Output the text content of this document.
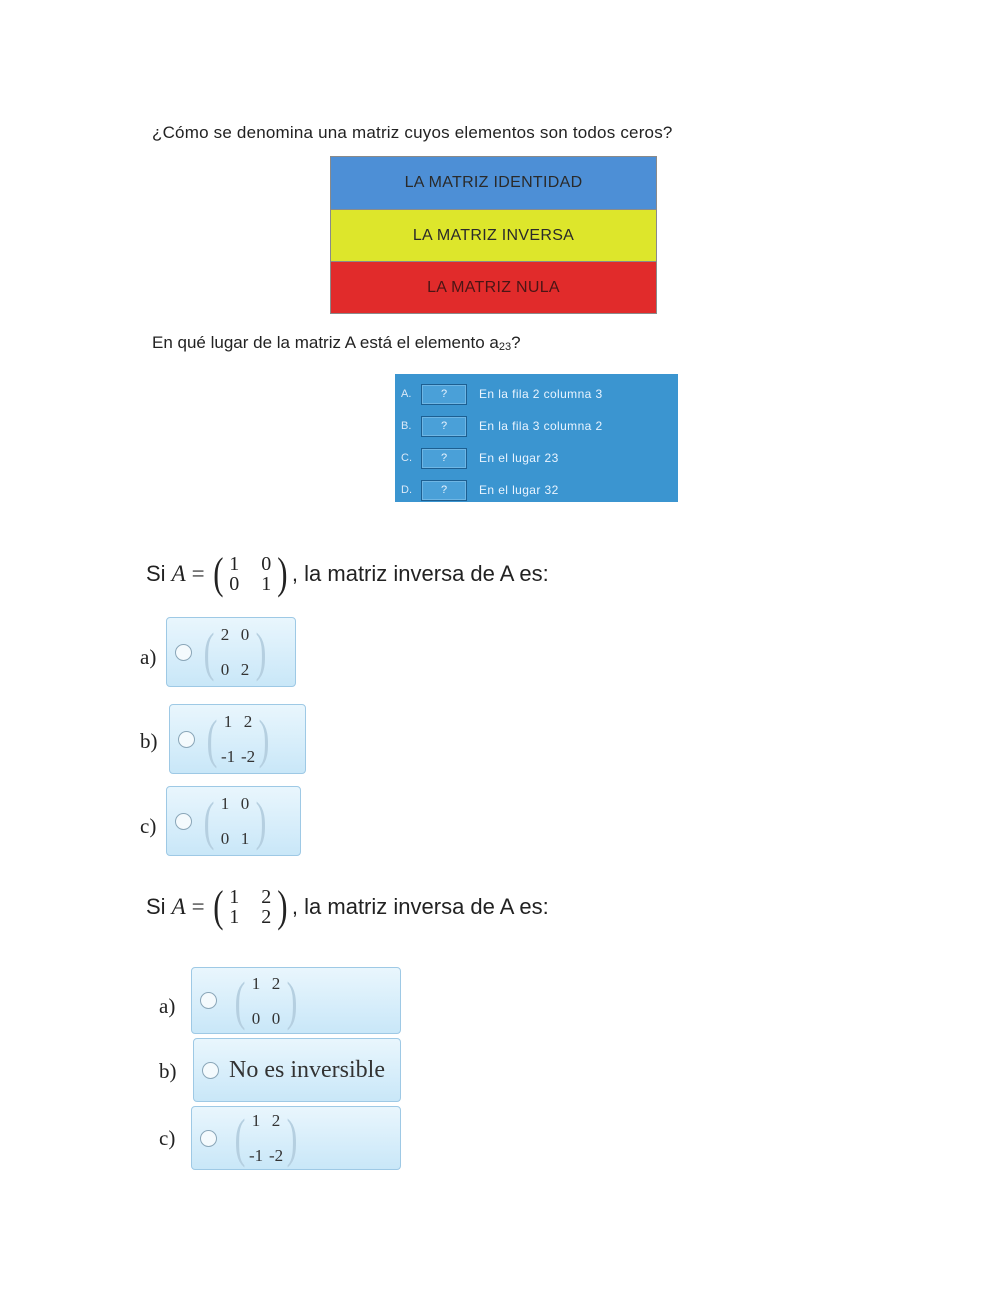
¿Cómo se denomina una matriz cuyos elementos son todos ceros?
LA MATRIZ IDENTIDAD
LA MATRIZ INVERSA
LA MATRIZ NULA
En qué lugar de la matriz A está el elemento $a_{23}$?
A.	?	En la fila 2 columna 3
B.	?	En la fila 3 columna 2
C.	?	En el lugar 23
D.	?	En el lugar 32
Si A = ( 1 0
0 1 ) , la matriz inversa de A es:
a) ( 2 0
0 2 )
b) ( 1 2
-1 -2 )
c) ( 1 0
0 1 )
Si A = ( 1 2
1 2 ) , la matriz inversa de A es:
a) ( 1 2
0 0 )
b) No es inversible
c) ( 1 2
-1 -2 )
